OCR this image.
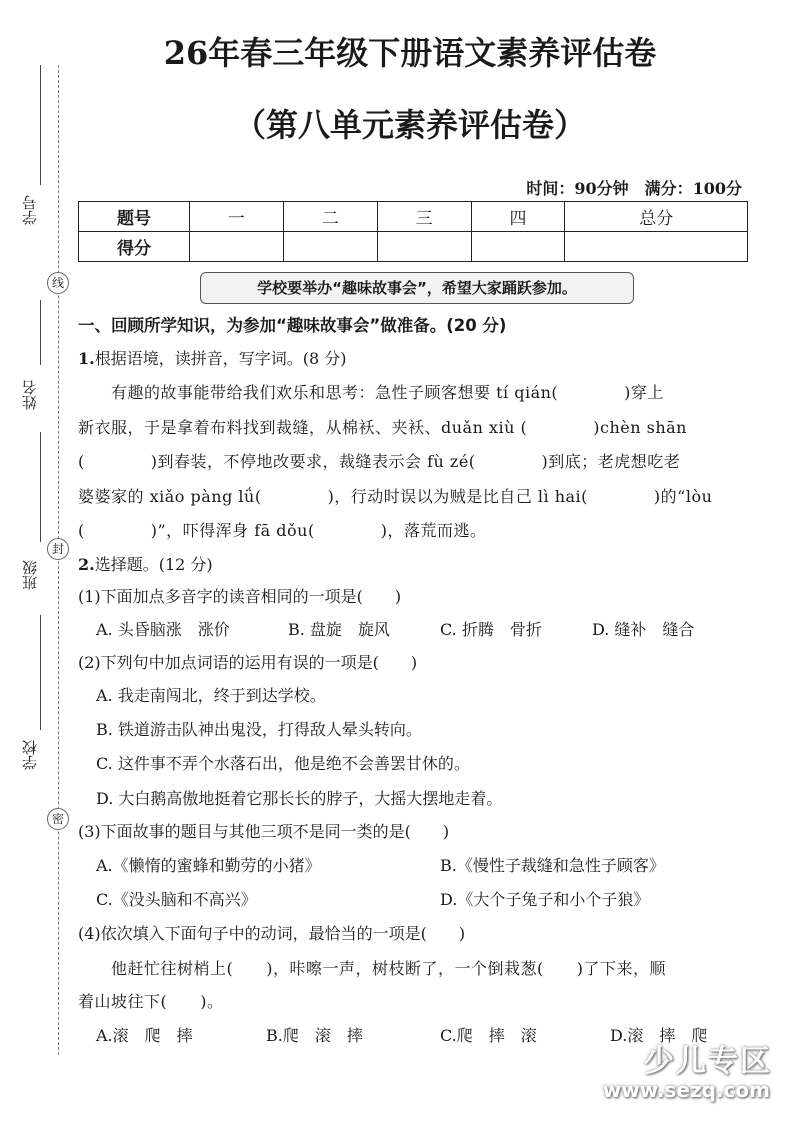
学号
线
姓名
封
班级
学校
密
26年春三年级下册语文素养评估卷
（第八单元素养评估卷）
时间：90分钟　满分：100分
题号	一	二	三	四	总分
得分					
学校要举办“趣味故事会”，希望大家踊跃参加。
一、回顾所学知识，为参加“趣味故事会”做准备。(20 分)
1.根据语境，读拼音，写字词。(8 分)
　　有趣的故事能带给我们欢乐和思考：急性子顾客想要 tí qián(　　　　)穿上
新衣服，于是拿着布料找到裁缝，从棉袄、夹袄、duǎn xiù (　　　　)chèn shān
(　　　　)到春装，不停地改要求，裁缝表示会 fù zé(　　　　)到底；老虎想吃老
婆婆家的 xiǎo pàng lǘ(　　　　)，行动时误以为贼是比自己 lì hai(　　　　)的“lòu
(　　　　)”，吓得浑身 fā dǒu(　　　　)，落荒而逃。
2.选择题。(12 分)
(1)下面加点多音字的读音相同的一项是(　　)
A. 头昏脑涨　涨价	B. 盘旋　旋风	C. 折腾　骨折	D. 缝补　缝合
(2)下列句中加点词语的运用有误的一项是(　　)
A. 我走南闯北，终于到达学校。
B. 铁道游击队神出鬼没，打得敌人晕头转向。
C. 这件事不弄个水落石出，他是绝不会善罢甘休的。
D. 大白鹅高傲地挺着它那长长的脖子，大摇大摆地走着。
(3)下面故事的题目与其他三项不是同一类的是(　　)
A.《懒惰的蜜蜂和勤劳的小猪》	B.《慢性子裁缝和急性子顾客》
C.《没头脑和不高兴》	D.《大个子兔子和小个子狼》
(4)依次填入下面句子中的动词，最恰当的一项是(　　)
　　他赶忙往树梢上(　　)，咔嚓一声，树枝断了，一个倒栽葱(　　)了下来，顺
着山坡往下(　　)。
A.滚　爬　摔	B.爬　滚　摔	C.爬　摔　滚	D.滚　摔　爬
少儿专区
www.sezq.com
